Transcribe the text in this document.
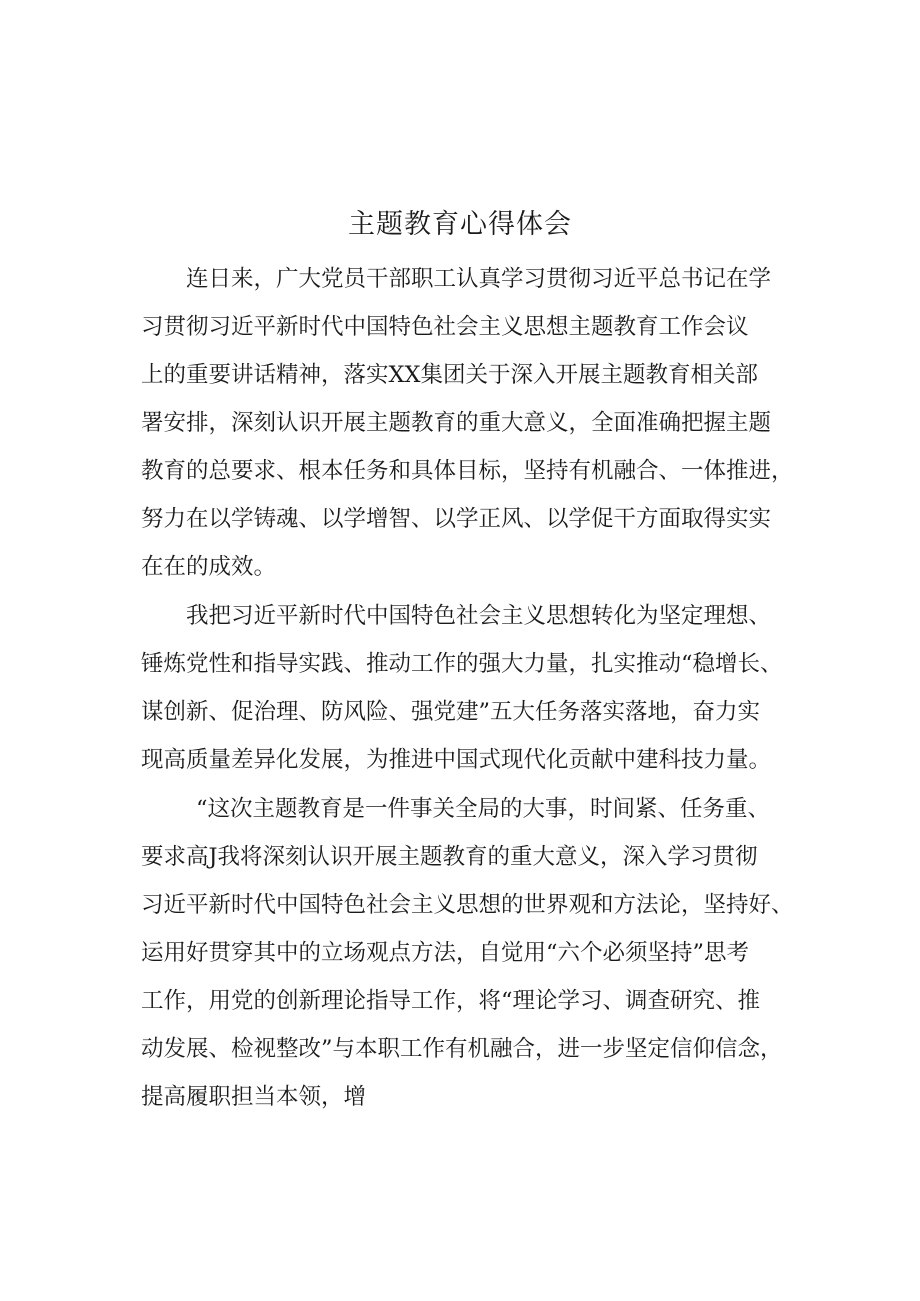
主题教育心得体会

连日来，广大党员干部职工认真学习贯彻习近平总书记在学

习贯彻习近平新时代中国特色社会主义思想主题教育工作会议

上的重要讲话精神，落实XX集团关于深入开展主题教育相关部

署安排，深刻认识开展主题教育的重大意义，全面准确把握主题

教育的总要求、根本任务和具体目标，坚持有机融合、一体推进，

努力在以学铸魂、以学增智、以学正风、以学促干方面取得实实

在在的成效。

我把习近平新时代中国特色社会主义思想转化为坚定理想、

锤炼党性和指导实践、推动工作的强大力量，扎实推动“稳增长、

谋创新、促治理、防风险、强党建”五大任务落实落地，奋力实

现高质量差异化发展，为推进中国式现代化贡献中建科技力量。

“这次主题教育是一件事关全局的大事，时间紧、任务重、

要求高J我将深刻认识开展主题教育的重大意义，深入学习贯彻

习近平新时代中国特色社会主义思想的世界观和方法论，坚持好、

运用好贯穿其中的立场观点方法，自觉用“六个必须坚持”思考

工作，用党的创新理论指导工作，将“理论学习、调查研究、推

动发展、检视整改”与本职工作有机融合，进一步坚定信仰信念，

提高履职担当本领，增
